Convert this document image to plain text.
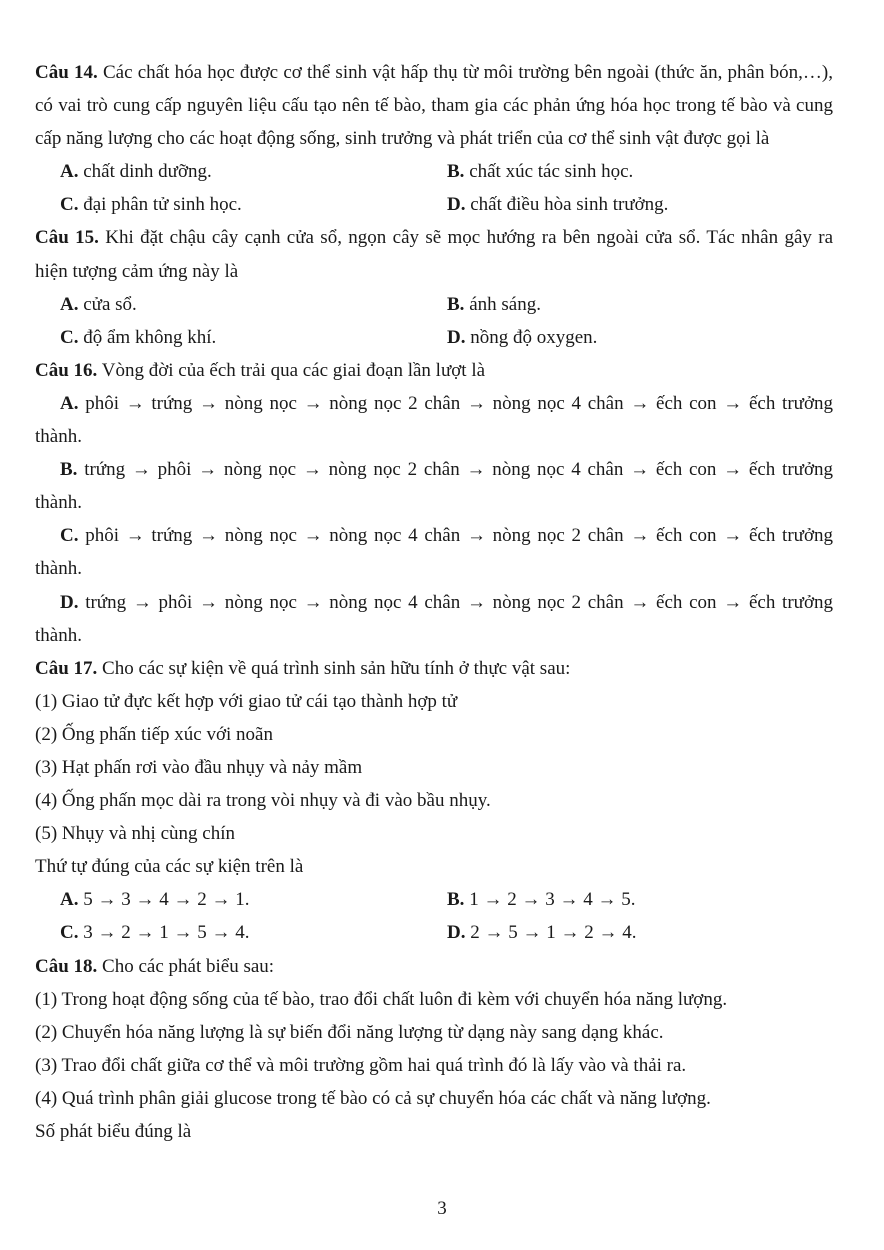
Câu 14. Các chất hóa học được cơ thể sinh vật hấp thụ từ môi trường bên ngoài (thức ăn, phân bón,…), có vai trò cung cấp nguyên liệu cấu tạo nên tế bào, tham gia các phản ứng hóa học trong tế bào và cung cấp năng lượng cho các hoạt động sống, sinh trưởng và phát triển của cơ thể sinh vật được gọi là

A. chất dinh dưỡng.	B. chất xúc tác sinh học.
C. đại phân tử sinh học.	D. chất điều hòa sinh trưởng.

Câu 15. Khi đặt chậu cây cạnh cửa sổ, ngọn cây sẽ mọc hướng ra bên ngoài cửa sổ. Tác nhân gây ra hiện tượng cảm ứng này là

A. cửa sổ.	B. ánh sáng.
C. độ ẩm không khí.	D. nồng độ oxygen.

Câu 16. Vòng đời của ếch trải qua các giai đoạn lần lượt là

A. phôi → trứng → nòng nọc → nòng nọc 2 chân → nòng nọc 4 chân → ếch con → ếch trưởng thành.

B. trứng → phôi → nòng nọc → nòng nọc 2 chân → nòng nọc 4 chân → ếch con → ếch trưởng thành.

C. phôi → trứng → nòng nọc → nòng nọc 4 chân → nòng nọc 2 chân → ếch con → ếch trưởng thành.

D. trứng → phôi → nòng nọc → nòng nọc 4 chân → nòng nọc 2 chân → ếch con → ếch trưởng thành.

Câu 17. Cho các sự kiện về quá trình sinh sản hữu tính ở thực vật sau:

(1) Giao tử đực kết hợp với giao tử cái tạo thành hợp tử

(2) Ống phấn tiếp xúc với noãn

(3) Hạt phấn rơi vào đầu nhụy và nảy mầm

(4) Ống phấn mọc dài ra trong vòi nhụy và đi vào bầu nhụy.

(5) Nhụy và nhị cùng chín

Thứ tự đúng của các sự kiện trên là

A. 5 → 3 → 4 → 2 → 1.	B. 1 → 2 → 3 → 4 → 5.
C. 3 → 2 → 1 → 5 → 4.	D. 2 → 5 → 1 → 2 → 4.

Câu 18. Cho các phát biểu sau:

(1) Trong hoạt động sống của tế bào, trao đổi chất luôn đi kèm với chuyển hóa năng lượng.

(2) Chuyển hóa năng lượng là sự biến đổi năng lượng từ dạng này sang dạng khác.

(3) Trao đổi chất giữa cơ thể và môi trường gồm hai quá trình đó là lấy vào và thải ra.

(4) Quá trình phân giải glucose trong tế bào có cả sự chuyển hóa các chất và năng lượng.

Số phát biểu đúng là

3
